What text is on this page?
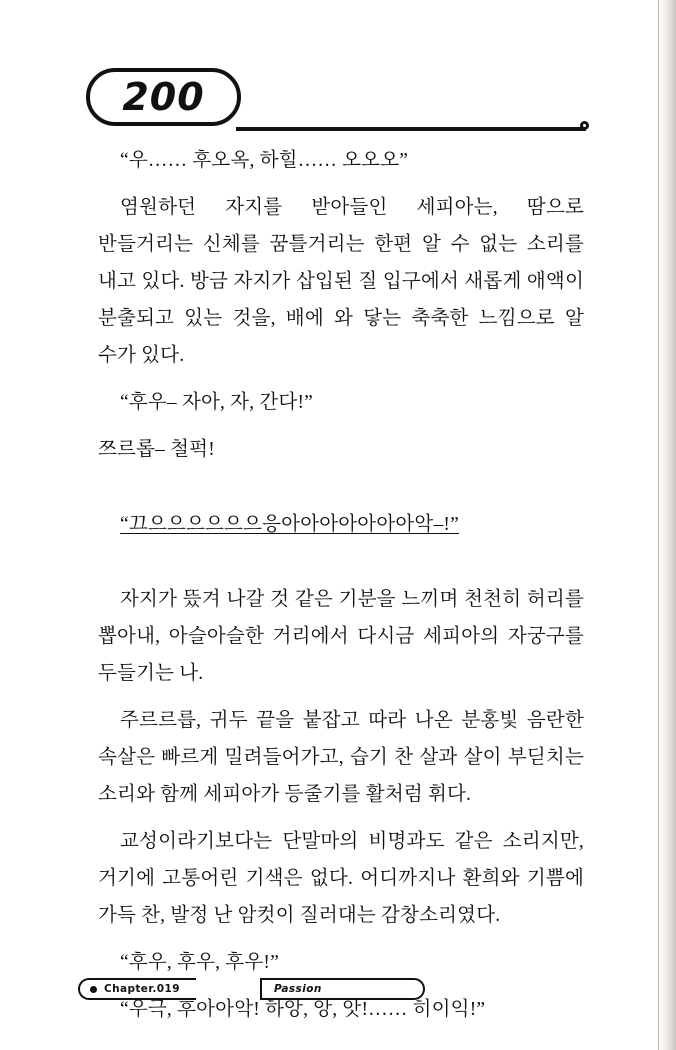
200

“우…… 후오옥, 하힐…… 오오오”

염원하던 자지를 받아들인 세피아는, 땀으로 반들거리는 신체를 꿈틀거리는 한편 알 수 없는 소리를 내고 있다. 방금 자지가 삽입된 질 입구에서 새롭게 애액이 분출되고 있는 것을, 배에 와 닿는 축축한 느낌으로 알 수가 있다.

“후우– 자아, 자, 간다!”

쯔르롭– 철퍽!

“끄으으으으으으응아아아아아아아악–!”

자지가 뜼겨 나갈 것 같은 기분을 느끼며 천천히 허리를 뽑아내, 아슬아슬한 거리에서 다시금 세피아의 자궁구를 두들기는 나.

주르르릅, 귀두 끝을 붙잡고 따라 나온 분홍빛 음란한 속살은 빠르게 밀려들어가고, 습기 찬 살과 살이 부딛치는 소리와 함께 세피아가 등줄기를 활처럼 휘다.

교성이라기보다는 단말마의 비명과도 같은 소리지만, 거기에 고통어린 기색은 없다. 어디까지나 환희와 기쁨에 가득 찬, 발정 난 암컷이 질러대는 감창소리였다.

“후우, 후우, 후우!”

“우극, 후아아악! 하앙, 앙, 앗!…… 히이익!”

Chapter.019	Passion
